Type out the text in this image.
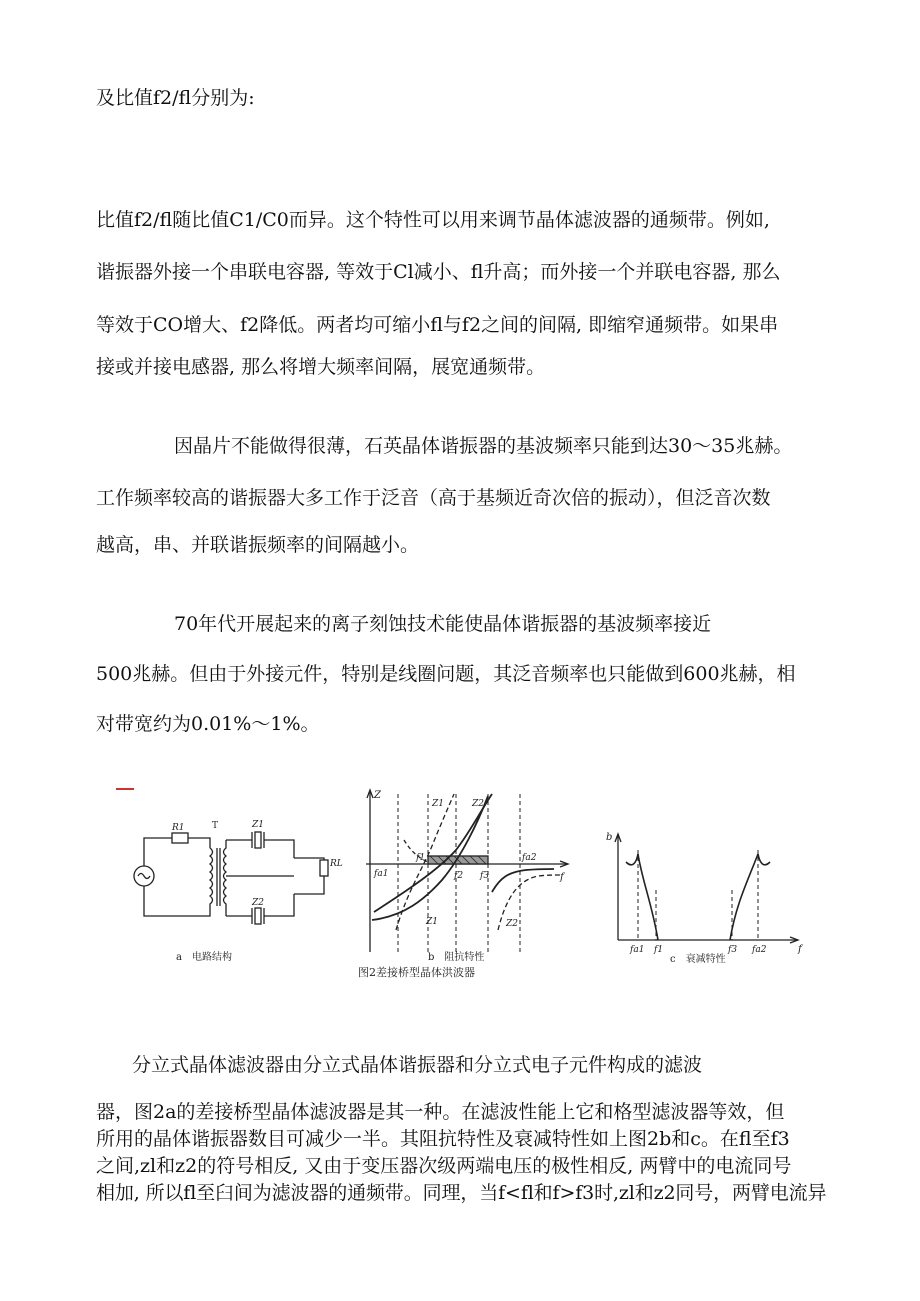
及比值f2/fl分别为:
比值f2/fl随比值C1/C0而异。这个特性可以用来调节晶体滤波器的通频带。例如,
谐振器外接一个串联电容器, 等效于Cl减小、fl升高；而外接一个并联电容器, 那么
等效于CO增大、f2降低。两者均可缩小fl与f2之间的间隔, 即缩窄通频带。如果串
接或并接电感器, 那么将增大频率间隔，展宽通频带。
因晶片不能做得很薄，石英晶体谐振器的基波频率只能到达30～35兆赫。
工作频率较高的谐振器大多工作于泛音（高于基频近奇次倍的振动），但泛音次数
越高，串、并联谐振频率的间隔越小。
70年代开展起来的离子刻蚀技术能使晶体谐振器的基波频率接近
500兆赫。但由于外接元件，特别是线圈问题，其泛音频率也只能做到600兆赫，相
对带宽约为0.01%～1%。
R1	T	Z1
Z2
RL
Z
f
Z1	Z2
Z1	Z2
fa1
f1
f2 f3
fa2
b
f
fa1 f1	f3 fa2
a　电路结构	b　阻抗特性	c　衰减特性
图2差接桥型晶体洪波器
分立式晶体滤波器由分立式晶体谐振器和分立式电子元件构成的滤波
器，图2a的差接桥型晶体滤波器是其一种。在滤波性能上它和格型滤波器等效，但
所用的晶体谐振器数目可减少一半。其阻抗特性及衰减特性如上图2b和c。在fl至f3
之间,zl和z2的符号相反, 又由于变压器次级两端电压的极性相反, 两臂中的电流同号
相加, 所以fl至臼间为滤波器的通频带。同理，当f<fl和f>f3时,zl和z2同号，两臂电流异
